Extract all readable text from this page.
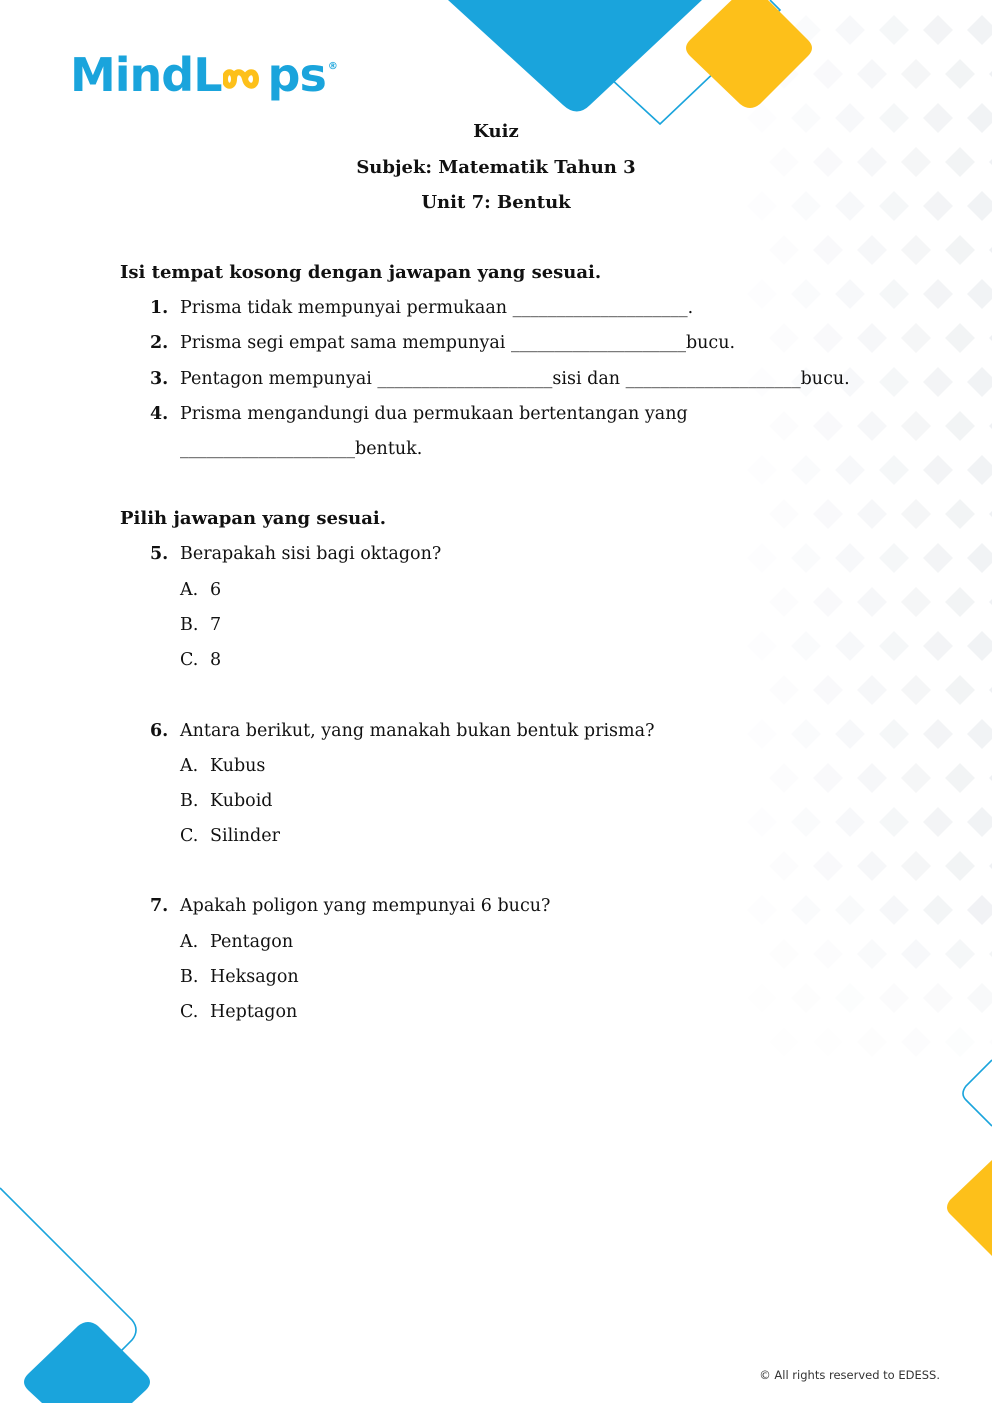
MindL ps ®
Kuiz
Subjek: Matematik Tahun 3
Unit 7: Bentuk
Isi tempat kosong dengan jawapan yang sesuai.
1. Prisma tidak mempunyai permukaan ____________________.
2. Prisma segi empat sama mempunyai ____________________bucu.
3. Pentagon mempunyai ____________________sisi dan ____________________bucu.
4. Prisma mengandungi dua permukaan bertentangan yang
____________________bentuk.
Pilih jawapan yang sesuai.
5. Berapakah sisi bagi oktagon?
A. 6
B. 7
C. 8
6. Antara berikut, yang manakah bukan bentuk prisma?
A. Kubus
B. Kuboid
C. Silinder
7. Apakah poligon yang mempunyai 6 bucu?
A. Pentagon
B. Heksagon
C. Heptagon
© All rights reserved to EDESS.
